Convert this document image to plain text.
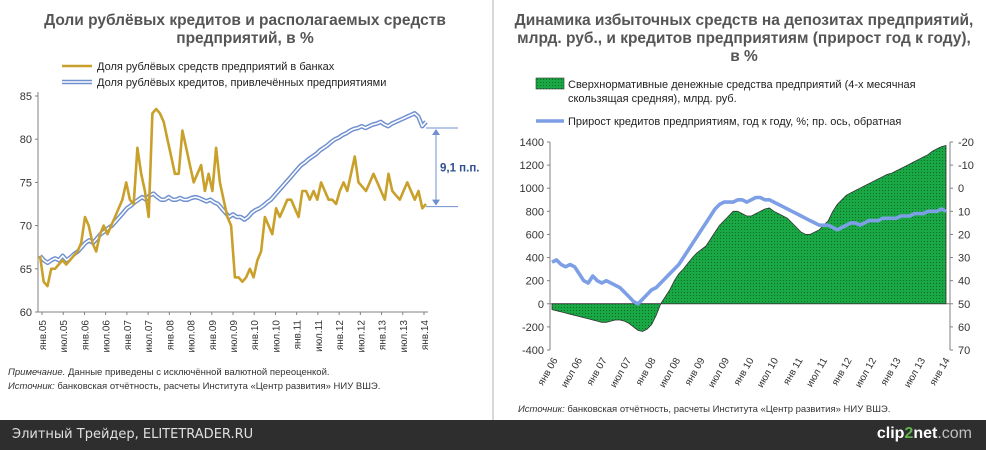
Доли рублёвых кредитов и располагаемых средств предприятий, в %
60
65
70
75
80
85
янв.05 июл.05 янв.06 июл.06 янв.07 июл.07 янв.08 июл.08 янв.09 июл.09 янв.10 июл.10 янв.11 июл.11 янв.12 июл.12 янв.13 июл.13 янв.14
Доля рублёвых средств предприятий в банках
Доля рублёвых кредитов, привлечённых предприятиями
9,1 п.п.
Примечание. Данные приведены с исключённой валютной переоценкой.
Источник: банковская отчётность, расчеты Института «Центр развития» НИУ ВШЭ.
Динамика избыточных средств на депозитах предприятий, млрд. руб., и кредитов предприятиям (прирост год к году), в %
-400
-200
0
200
400
600
800
1000
1200
1400
70
60
50
40
30
20
10
0
-10
-20
янв 06
июл 06 янв 07
июл 07 янв 08
июл 08 янв 09
июл 09 янв 10
июл 10 янв 11 июл 11 янв 12
июл 12 янв 13
июл 13 янв 14
Сверхнормативные денежные средства предприятий (4-х месячная
скользящая средняя), млрд. руб.
Прирост кредитов предприятиям, год к году, %; пр. ось, обратная
Источник: банковская отчётность, расчеты Института «Центр развития» НИУ ВШЭ.
Элитный Трейдер, ELITETRADER.RU	clip2net.com
